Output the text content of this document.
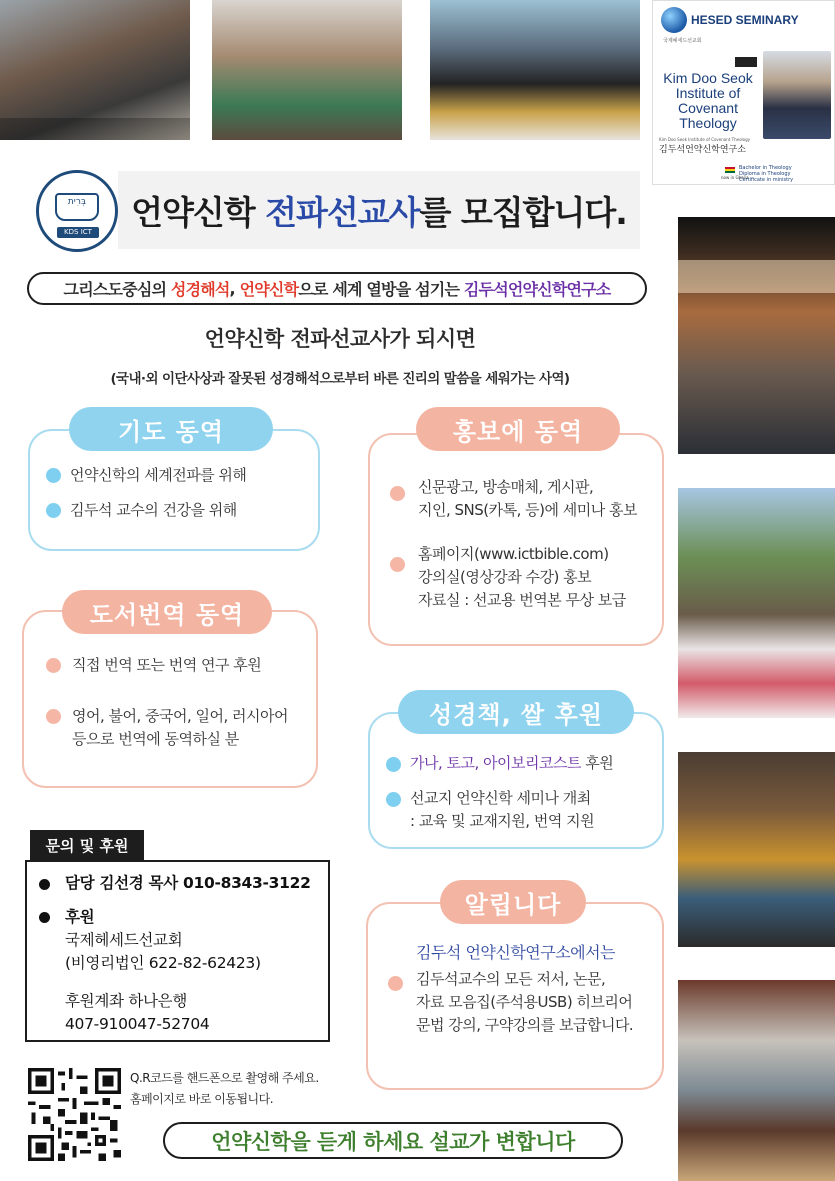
HESED SEMINARY
국제헤세드선교회
Kim Doo Seok Institute of Covenant Theology
Kim Doo Seok Institute of Covenant Theology
김두석언약신학연구소
now in Ghana
Bachelor in Theology
Diploma in Theology
Certificate in ministry
בְּרִית
KDS ICT
언약신학 전파선교사 를 모집합니다.
그리스도중심의 성경해석 , 언약신학 으로 세계 열방을 섬기는 김두석언약신학연구소
언약신학 전파선교사가 되시면
(국내·외 이단사상과 잘못된 성경해석으로부터 바른 진리의 말씀을 세워가는 사역)
언약신학의 세계전파를 위해
김두석 교수의 건강을 위해
기도 동역
신문광고, 방송매체, 게시판,
지인, SNS(카톡, 등)에 세미나 홍보
홈페이지(www.ictbible.com)
강의실(영상강좌 수강) 홍보
자료실 : 선교용 번역본 무상 보급
홍보에 동역
직접 번역 또는 번역 연구 후원
영어, 불어, 중국어, 일어, 러시아어
등으로 번역에 동역하실 분
도서번역 동역
가나, 토고, 아이보리코스트 후원
선교지 언약신학 세미나 개최
: 교육 및 교재지원, 번역 지원
성경책, 쌀 후원
김두석 언약신학연구소에서는
김두석교수의 모든 저서, 논문,
자료 모음집(주석용USB) 히브리어
문법 강의, 구약강의를 보급합니다.
알립니다
문의 및 후원
담당 김선경 목사 010-8343-3122
후원
국제헤세드선교회
(비영리법인 622-82-62423)
후원계좌 하나은행
407-910047-52704
Q.R코드를 핸드폰으로 촬영해 주세요.
홈페이지로 바로 이동됩니다.
언약신학을 듣게 하세요 설교가 변합니다
